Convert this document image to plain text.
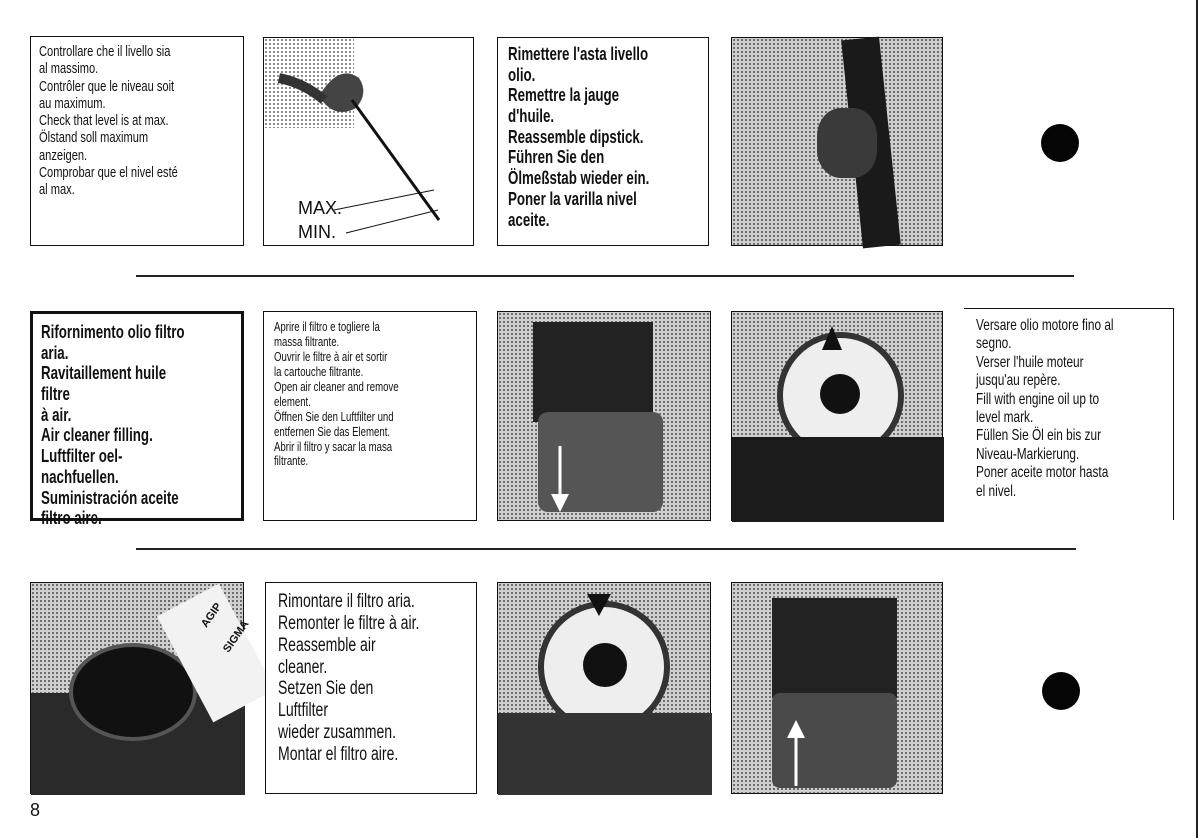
Controllare che il livello sia
al massimo.
Contrôler que le niveau soit
au maximum.
Check that level is at max.
Ölstand soll maximum
anzeigen.
Comprobar que el nivel esté
al max.
MAX.
MIN.
Rimettere l'asta livello
olio.
Remettre la jauge
d'huile.
Reassemble dipstick.
Führen Sie den
Ölmeßstab wieder ein.
Poner la varilla nivel
aceite.
Rifornimento olio filtro
aria.
Ravitaillement huile filtre
à air.
Air cleaner filling.
Luftfilter oel-nachfuellen.
Suministración aceite
filtro aire.
Aprire il filtro e togliere la
massa filtrante.
Ouvrir le filtre à air et sortir
la cartouche filtrante.
Open air cleaner and remove
element.
Öffnen Sie den Luftfilter und
entfernen Sie das Element.
Abrir il filtro y sacar la masa
filtrante.
Versare olio motore fino al
segno.
Verser l'huile moteur
jusqu'au repère.
Fill with engine oil up to
level mark.
Füllen Sie Öl ein bis zur
Niveau-Markierung.
Poner aceite motor hasta
el nivel.
AGIP
SIGMA
Rimontare il filtro aria.
Remonter le filtre à air.
Reassemble air cleaner.
Setzen Sie den Luftfilter
wieder zusammen.
Montar el filtro aire.
8
